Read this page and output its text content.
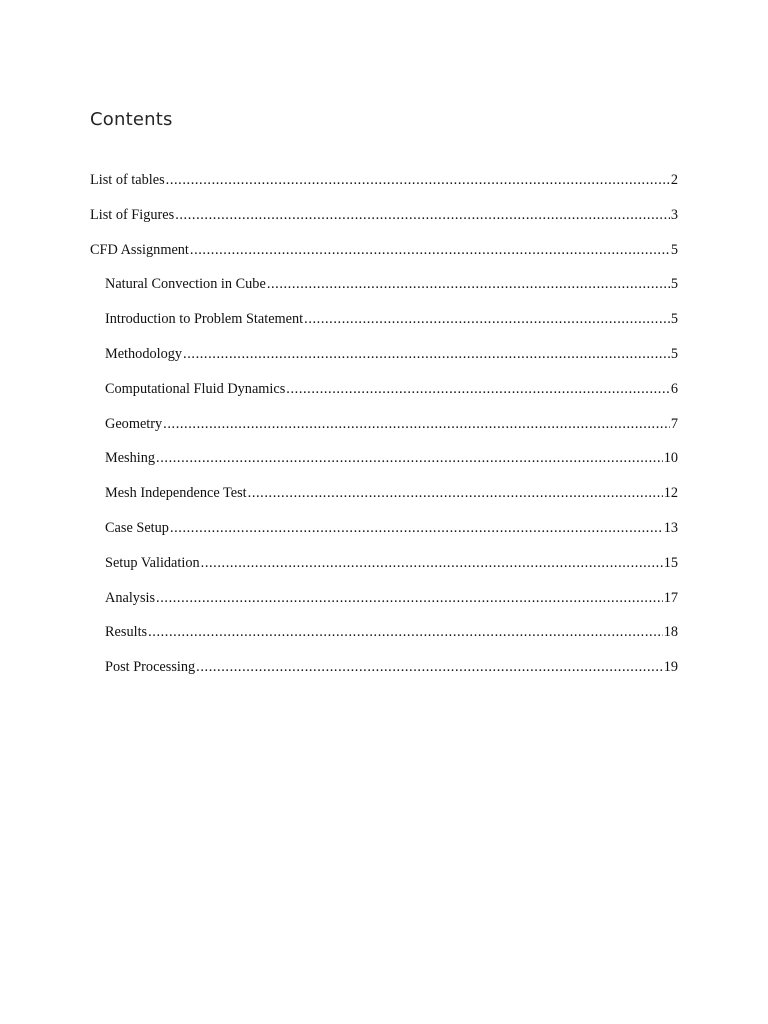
Contents
List of tables .....	2
List of Figures .....	3
CFD Assignment .....	5
Natural Convection in Cube .....	5
Introduction to Problem Statement .....	5
Methodology .....	5
Computational Fluid Dynamics .....	6
Geometry .....	7
Meshing .....	10
Mesh Independence Test .....	12
Case Setup .....	13
Setup Validation .....	15
Analysis .....	17
Results .....	18
Post Processing .....	19
